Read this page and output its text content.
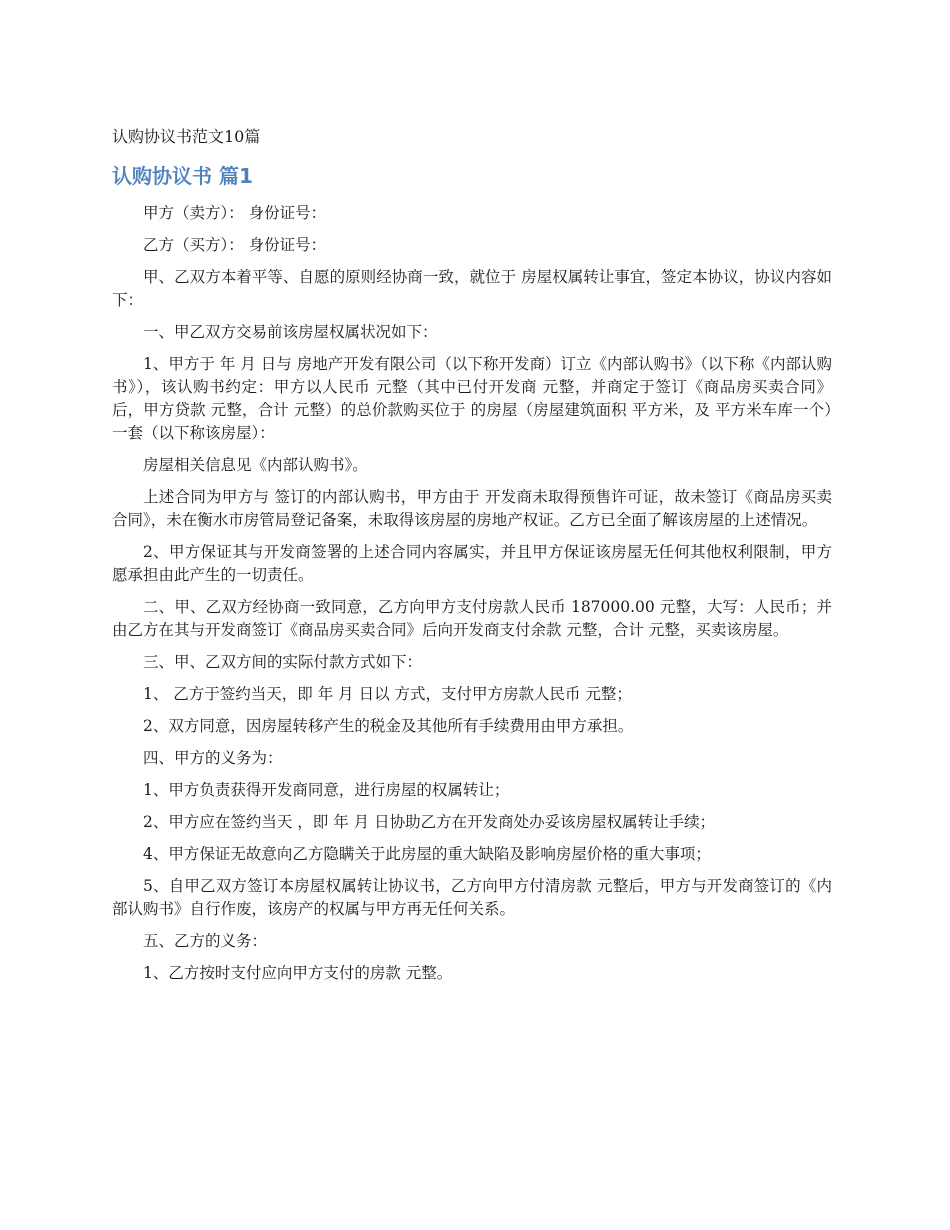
认购协议书范文10篇
认购协议书 篇1

甲方（卖方）： 身份证号：

乙方（买方）： 身份证号：

甲、乙双方本着平等、自愿的原则经协商一致，就位于 房屋权属转让事宜，签定本协议，协议内容如下：

一、甲乙双方交易前该房屋权属状况如下：

1、甲方于 年 月 日与 房地产开发有限公司（以下称开发商）订立《内部认购书》（以下称《内部认购书》），该认购书约定：甲方以人民币 元整（其中已付开发商 元整，并商定于签订《商品房买卖合同》后，甲方贷款 元整，合计 元整）的总价款购买位于 的房屋（房屋建筑面积 平方米，及 平方米车库一个）一套（以下称该房屋）：

房屋相关信息见《内部认购书》。

上述合同为甲方与 签订的内部认购书，甲方由于 开发商未取得预售许可证，故未签订《商品房买卖合同》，未在衡水市房管局登记备案，未取得该房屋的房地产权证。乙方已全面了解该房屋的上述情况。

2、甲方保证其与开发商签署的上述合同内容属实，并且甲方保证该房屋无任何其他权利限制，甲方愿承担由此产生的一切责任。

二、甲、乙双方经协商一致同意，乙方向甲方支付房款人民币 187000.00 元整，大写：人民币；并由乙方在其与开发商签订《商品房买卖合同》后向开发商支付余款 元整，合计 元整，买卖该房屋。

三、甲、乙双方间的实际付款方式如下：

1、 乙方于签约当天，即 年 月 日以 方式，支付甲方房款人民币 元整；

2、双方同意，因房屋转移产生的税金及其他所有手续费用由甲方承担。

四、甲方的义务为：

1、甲方负责获得开发商同意，进行房屋的权属转让；

2、甲方应在签约当天 ，即 年 月 日协助乙方在开发商处办妥该房屋权属转让手续；

4、甲方保证无故意向乙方隐瞒关于此房屋的重大缺陷及影响房屋价格的重大事项；

5、自甲乙双方签订本房屋权属转让协议书，乙方向甲方付清房款 元整后，甲方与开发商签订的《内部认购书》自行作废，该房产的权属与甲方再无任何关系。

五、乙方的义务：

1、乙方按时支付应向甲方支付的房款 元整。
